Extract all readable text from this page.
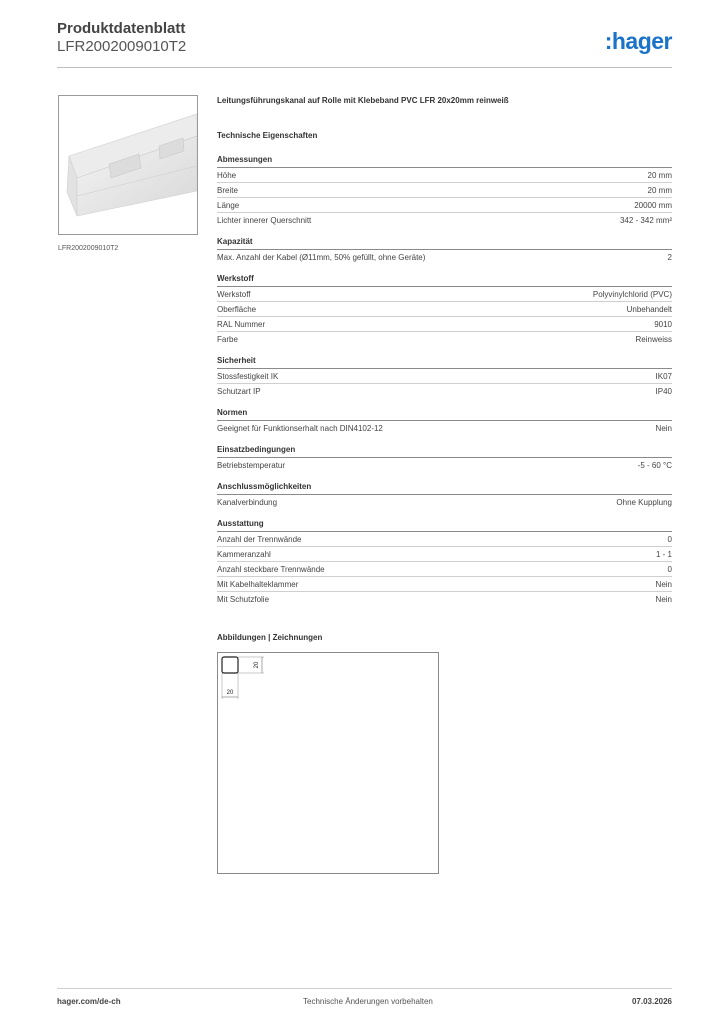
Produktdatenblatt
LFR2002009010T2	:hager
LFR2002009010T2
Leitungsführungskanal auf Rolle mit Klebeband PVC LFR 20x20mm reinweiß
Technische Eigenschaften
Abmessungen
Höhe	20 mm
Breite	20 mm
Länge	20000 mm
Lichter innerer Querschnitt	342 - 342 mm²
Kapazität
Max. Anzahl der Kabel (Ø11mm, 50% gefüllt, ohne Geräte)	2
Werkstoff
Werkstoff	Polyvinylchlorid (PVC)
Oberfläche	Unbehandelt
RAL Nummer	9010
Farbe	Reinweiss
Sicherheit
Stossfestigkeit IK	IK07
Schutzart IP	IP40
Normen
Geeignet für Funktionserhalt nach DIN4102-12	Nein
Einsatzbedingungen
Betriebstemperatur	-5 - 60 °C
Anschlussmöglichkeiten
Kanalverbindung	Ohne Kupplung
Ausstattung
Anzahl der Trennwände	0
Kammeranzahl	1 - 1
Anzahl steckbare Trennwände	0
Mit Kabelhalteklammer	Nein
Mit Schutzfolie	Nein
Abbildungen | Zeichnungen
20
20
hager.com/de-ch	Technische Änderungen vorbehalten	07.03.2026
